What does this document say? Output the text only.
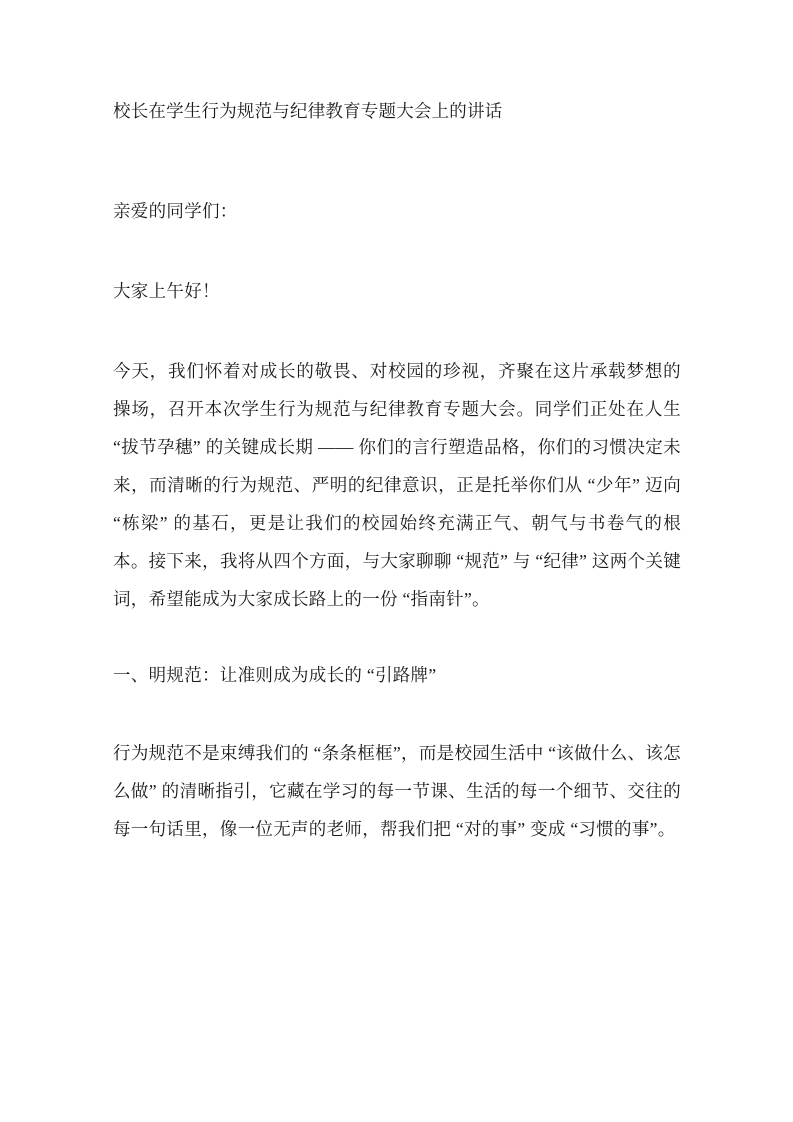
校长在学生行为规范与纪律教育专题大会上的讲话

亲爱的同学们：

大家上午好！

今天，我们怀着对成长的敬畏、对校园的珍视，齐聚在这片承载梦想的操场，召开本次学生行为规范与纪律教育专题大会。同学们正处在人生 “拔节孕穗” 的关键成长期 —— 你们的言行塑造品格，你们的习惯决定未来，而清晰的行为规范、严明的纪律意识，正是托举你们从 “少年” 迈向 “栋梁” 的基石，更是让我们的校园始终充满正气、朝气与书卷气的根本。接下来，我将从四个方面，与大家聊聊 “规范” 与 “纪律” 这两个关键词，希望能成为大家成长路上的一份 “指南针”。

一、明规范：让准则成为成长的 “引路牌”

行为规范不是束缚我们的 “条条框框”，而是校园生活中 “该做什么、该怎么做” 的清晰指引，它藏在学习的每一节课、生活的每一个细节、交往的每一句话里，像一位无声的老师，帮我们把 “对的事” 变成 “习惯的事”。
